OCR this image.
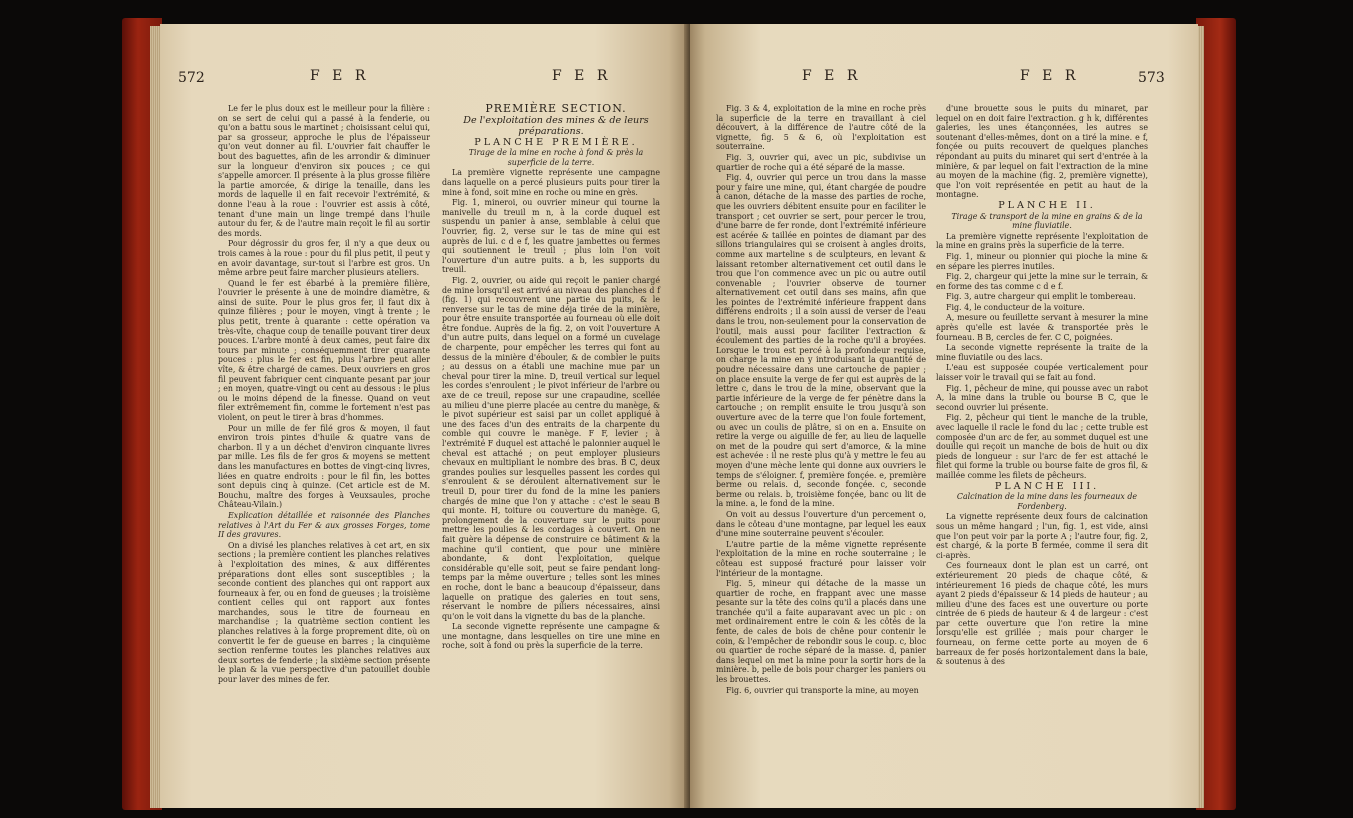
572	F E R	F E R

Le fer le plus doux est le meilleur pour la filière : on se sert de celui qui a passé à la fenderie, ou qu'on a battu sous le martinet ; choisissant celui qui, par sa grosseur, approche le plus de l'épaisseur qu'on veut donner au fil. L'ouvrier fait chauffer le bout des baguettes, afin de les arrondir & diminuer sur la longueur d'environ six pouces ; ce qui s'appelle amorcer. Il présente à la plus grosse filière la partie amorcée, & dirige la tenaille, dans les mords de laquelle il en fait recevoir l'extrémité, & donne l'eau à la roue : l'ouvrier est assis à côté, tenant d'une main un linge trempé dans l'huile autour du fer, & de l'autre main reçoit le fil au sortir des mords.

Pour dégrossir du gros fer, il n'y a que deux ou trois cames à la roue : pour du fil plus petit, il peut y en avoir davantage, sur-tout si l'arbre est gros. Un même arbre peut faire marcher plusieurs ateliers.

Quand le fer est ébarbé à la première filière, l'ouvrier le présente à une de moindre diamètre, & ainsi de suite. Pour le plus gros fer, il faut dix à quinze filières ; pour le moyen, vingt à trente ; le plus petit, trente à quarante : cette opération va très-vîte, chaque coup de tenaille pouvant tirer deux pouces. L'arbre monté à deux cames, peut faire dix tours par minute ; conséquemment tirer quarante pouces : plus le fer est fin, plus l'arbre peut aller vîte, & être chargé de cames. Deux ouvriers en gros fil peuvent fabriquer cent cinquante pesant par jour ; en moyen, quatre-vingt ou cent au dessous : le plus ou le moins dépend de la finesse. Quand on veut filer extrêmement fin, comme le fortement n'est pas violent, on peut le tirer à bras d'hommes.

Pour un mille de fer filé gros & moyen, il faut environ trois pintes d'huile & quatre vans de charbon. Il y a un déchet d'environ cinquante livres par mille. Les fils de fer gros & moyens se mettent dans les manufactures en bottes de vingt-cinq livres, liées en quatre endroits : pour le fil fin, les bottes sont depuis cinq à quinze. (Cet article est de M. Bouchu, maître des forges à Veuxsaules, proche Château-Vilain.)

Explication détaillée et raisonnée des Planches relatives à l'Art du Fer & aux grosses Forges, tome II des gravures.

On a divisé les planches relatives à cet art, en six sections ; la première contient les planches relatives à l'exploitation des mines, & aux différentes préparations dont elles sont susceptibles ; la seconde contient des planches qui ont rapport aux fourneaux à fer, ou en fond de gueuses ; la troisième contient celles qui ont rapport aux fontes marchandes, sous le titre de fourneau en marchandise ; la quatrième section contient les planches relatives à la forge proprement dite, où on convertit le fer de gueuse en barres ; la cinquième section renferme toutes les planches relatives aux deux sortes de fenderie ; la sixième section présente le plan & la vue perspective d'un patouillet double pour laver des mines de fer.

PREMIÈRE SECTION.

De l'exploitation des mines & de leurs préparations.

PLANCHE PREMIÈRE.

Tirage de la mine en roche à fond & près la superficie de la terre.

La première vignette représente une campagne dans laquelle on a percé plusieurs puits pour tirer la mine à fond, soit mine en roche ou mine en grès.

Fig. 1, mineroi, ou ouvrier mineur qui tourne la manivelle du treuil m n, à la corde duquel est suspendu un panier à anse, semblable à celui que l'ouvrier, fig. 2, verse sur le tas de mine qui est auprès de lui. c d e f, les quatre jambettes ou fermes qui soutiennent le treuil ; plus loin l'on voit l'ouverture d'un autre puits. a b, les supports du treuil.

Fig. 2, ouvrier, ou aide qui reçoit le panier chargé de mine lorsqu'il est arrivé au niveau des planches d f (fig. 1) qui recouvrent une partie du puits, & le renverse sur le tas de mine déja tirée de la minière, pour être ensuite transportée au fourneau où elle doit être fondue. Auprès de la fig. 2, on voit l'ouverture A d'un autre puits, dans lequel on a formé un cuvelage de charpente, pour empêcher les terres qui font au dessus de la minière d'ébouler, & de combler le puits ; au dessus on a établi une machine mue par un cheval pour tirer la mine. D, treuil vertical sur lequel les cordes s'enroulent ; le pivot inférieur de l'arbre ou axe de ce treuil, repose sur une crapaudine, scellée au milieu d'une pierre placée au centre du manège, & le pivot supérieur est saisi par un collet appliqué à une des faces d'un des entraits de la charpente du comble qui couvre le manège. F F, levier ; à l'extrémité F duquel est attaché le palonnier auquel le cheval est attaché ; on peut employer plusieurs chevaux en multipliant le nombre des bras. B C, deux grandes poulies sur lesquelles passent les cordes qui s'enroulent & se déroulent alternativement sur le treuil D, pour tirer du fond de la mine les paniers chargés de mine que l'on y attache : c'est le seau B qui monte. H, toiture ou couverture du manège. G, prolongement de la couverture sur le puits pour mettre les poulies & les cordages à couvert. On ne fait guère la dépense de construire ce bâtiment & la machine qu'il contient, que pour une minière abondante, & dont l'exploitation, quelque considérable qu'elle soit, peut se faire pendant long-temps par la même ouverture ; telles sont les mines en roche, dont le banc a beaucoup d'épaisseur, dans laquelle on pratique des galeries en tout sens, réservant le nombre de piliers nécessaires, ainsi qu'on le voit dans la vignette du bas de la planche.

La seconde vignette représente une campagne & une montagne, dans lesquelles on tire une mine en roche, soit à fond ou près la superficie de la terre.

F E R	F E R	573

Fig. 3 & 4, exploitation de la mine en roche près la superficie de la terre en travaillant à ciel découvert, à la différence de l'autre côté de la vignette, fig. 5 & 6, où l'exploitation est souterraine.

Fig. 3, ouvrier qui, avec un pic, subdivise un quartier de roche qui a été séparé de la masse.

Fig. 4, ouvrier qui perce un trou dans la masse pour y faire une mine, qui, étant chargée de poudre à canon, détache de la masse des parties de roche, que les ouvriers débitent ensuite pour en faciliter le transport ; cet ouvrier se sert, pour percer le trou, d'une barre de fer ronde, dont l'extrémité inférieure est acérée & taillée en pointes de diamant par des sillons triangulaires qui se croisent à angles droits, comme aux marteline s de sculpteurs, en levant & laissant retomber alternativement cet outil dans le trou que l'on commence avec un pic ou autre outil convenable ; l'ouvrier observe de tourner alternativement cet outil dans ses mains, afin que les pointes de l'extrémité inférieure frappent dans différens endroits ; il a soin aussi de verser de l'eau dans le trou, non-seulement pour la conservation de l'outil, mais aussi pour faciliter l'extraction & écoulement des parties de la roche qu'il a broyées. Lorsque le trou est percé à la profondeur requise, on charge la mine en y introduisant la quantité de poudre nécessaire dans une cartouche de papier ; on place ensuite la verge de fer qui est auprès de la lettre c, dans le trou de la mine, observant que la partie inférieure de la verge de fer pénètre dans la cartouche ; on remplit ensuite le trou jusqu'à son ouverture avec de la terre que l'on foule fortement, ou avec un coulis de plâtre, si on en a. Ensuite on retire la verge ou aiguille de fer, au lieu de laquelle on met de la poudre qui sert d'amorce, & la mine est achevée : il ne reste plus qu'à y mettre le feu au moyen d'une mèche lente qui donne aux ouvriers le temps de s'éloigner. f, première fonçée. e, première berme ou relais. d, seconde fonçée. c, seconde berme ou relais. b, troisième fonçée, banc ou lit de la mine. a, le fond de la mine.

On voit au dessus l'ouverture d'un percement o, dans le côteau d'une montagne, par lequel les eaux d'une mine souterraine peuvent s'écouler.

L'autre partie de la même vignette représente l'exploitation de la mine en roche souterraine ; le côteau est supposé fracturé pour laisser voir l'intérieur de la montagne.

Fig. 5, mineur qui détache de la masse un quartier de roche, en frappant avec une masse pesante sur la tête des coins qu'il a placés dans une tranchée qu'il a faite auparavant avec un pic : on met ordinairement entre le coin & les côtés de la fente, de cales de bois de chêne pour contenir le coin, & l'empêcher de rebondir sous le coup. c, bloc ou quartier de roche séparé de la masse. d, panier dans lequel on met la mine pour la sortir hors de la minière. b, pelle de bois pour charger les paniers ou les brouettes.

Fig. 6, ouvrier qui transporte la mine, au moyen

d'une brouette sous le puits du minaret, par lequel on en doit faire l'extraction. g h k, différentes galeries, les unes étançonnées, les autres se soutenant d'elles-mêmes, dont on a tiré la mine. e f, fonçée ou puits recouvert de quelques planches répondant au puits du minaret qui sert d'entrée à la minière, & par lequel on fait l'extraction de la mine au moyen de la machine (fig. 2, première vignette), que l'on voit représentée en petit au haut de la montagne.

PLANCHE II.

Tirage & transport de la mine en grains & de la mine fluviatile.

La première vignette représente l'exploitation de la mine en grains près la superficie de la terre.

Fig. 1, mineur ou pionnier qui pioche la mine & en sépare les pierres inutiles.

Fig. 2, chargeur qui jette la mine sur le terrain, & en forme des tas comme c d e f.

Fig. 3, autre chargeur qui emplit le tombereau.

Fig. 4, le conducteur de la voiture.

A, mesure ou feuillette servant à mesurer la mine après qu'elle est lavée & transportée près le fourneau. B B, cercles de fer. C C, poignées.

La seconde vignette représente la traite de la mine fluviatile ou des lacs.

L'eau est supposée coupée verticalement pour laisser voir le travail qui se fait au fond.

Fig. 1, pêcheur de mine, qui pousse avec un rabot A, la mine dans la truble ou bourse B C, que le second ouvrier lui présente.

Fig. 2, pêcheur qui tient le manche de la truble, avec laquelle il racle le fond du lac ; cette truble est composée d'un arc de fer, au sommet duquel est une douille qui reçoit un manche de bois de huit ou dix pieds de longueur : sur l'arc de fer est attaché le filet qui forme la truble ou bourse faite de gros fil, & maillée comme les filets de pêcheurs.

PLANCHE III.

Calcination de la mine dans les fourneaux de Fordenberg.

La vignette représente deux fours de calcination sous un même hangard ; l'un, fig. 1, est vide, ainsi que l'on peut voir par la porte A ; l'autre four, fig. 2, est chargé, & la porte B fermée, comme il sera dit ci-après.

Ces fourneaux dont le plan est un carré, ont extérieurement 20 pieds de chaque côté, & intérieurement 16 pieds de chaque côté, les murs ayant 2 pieds d'épaisseur & 14 pieds de hauteur ; au milieu d'une des faces est une ouverture ou porte cintrée de 6 pieds de hauteur & 4 de largeur : c'est par cette ouverture que l'on retire la mine lorsqu'elle est grillée ; mais pour charger le fourneau, on ferme cette porte au moyen de 6 barreaux de fer posés horizontalement dans la baie, & soutenus à des
